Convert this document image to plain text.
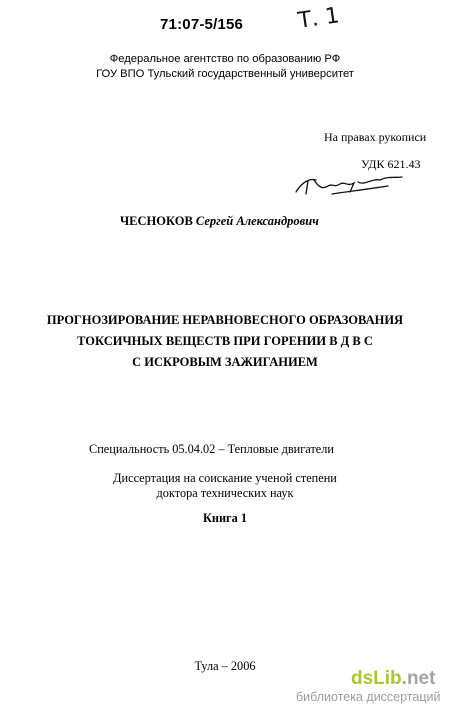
71:07-5/156 Т. 1
Федеральное агентство по образованию РФ
ГОУ ВПО Тульский государственный университет
На правах рукописи
УДК 621.43
ЧЕСНОКОВ Сергей Александрович
ПРОГНОЗИРОВАНИЕ НЕРАВНОВЕСНОГО ОБРАЗОВАНИЯ
ТОКСИЧНЫХ ВЕЩЕСТВ ПРИ ГОРЕНИИ В Д В С
С ИСКРОВЫМ ЗАЖИГАНИЕМ
Специальность 05.04.02 – Тепловые двигатели
Диссертация на соискание ученой степени
доктора технических наук
Книга 1
Тула – 2006
dsLib.net
библиотека диссертаций
